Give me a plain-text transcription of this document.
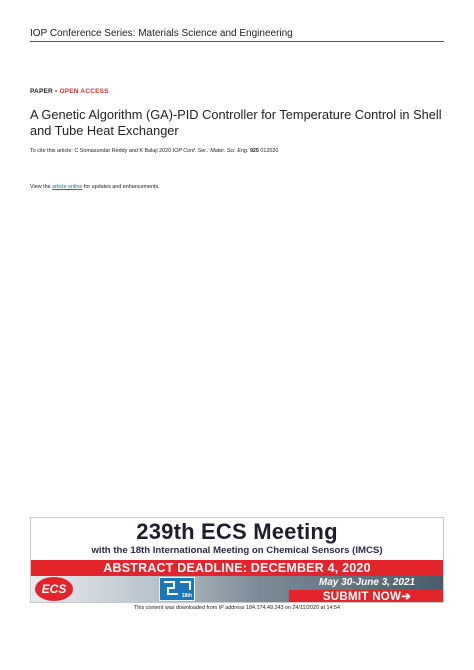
IOP Conference Series: Materials Science and Engineering
PAPER • OPEN ACCESS
A Genetic Algorithm (GA)-PID Controller for Temperature Control in Shell and Tube Heat Exchanger
To cite this article: C Somasundar Reddy and K Balaji 2020 IOP Conf. Ser.: Mater. Sci. Eng. 925 012020
View the article online for updates and enhancements.
239th ECS Meeting
with the 18th International Meeting on Chemical Sensors (IMCS)
ABSTRACT DEADLINE: DECEMBER 4, 2020
ECS	18th
May 30-June 3, 2021
SUBMIT NOW➔
This content was downloaded from IP address 184.174.49.243 on 24/11/2020 at 14:54
